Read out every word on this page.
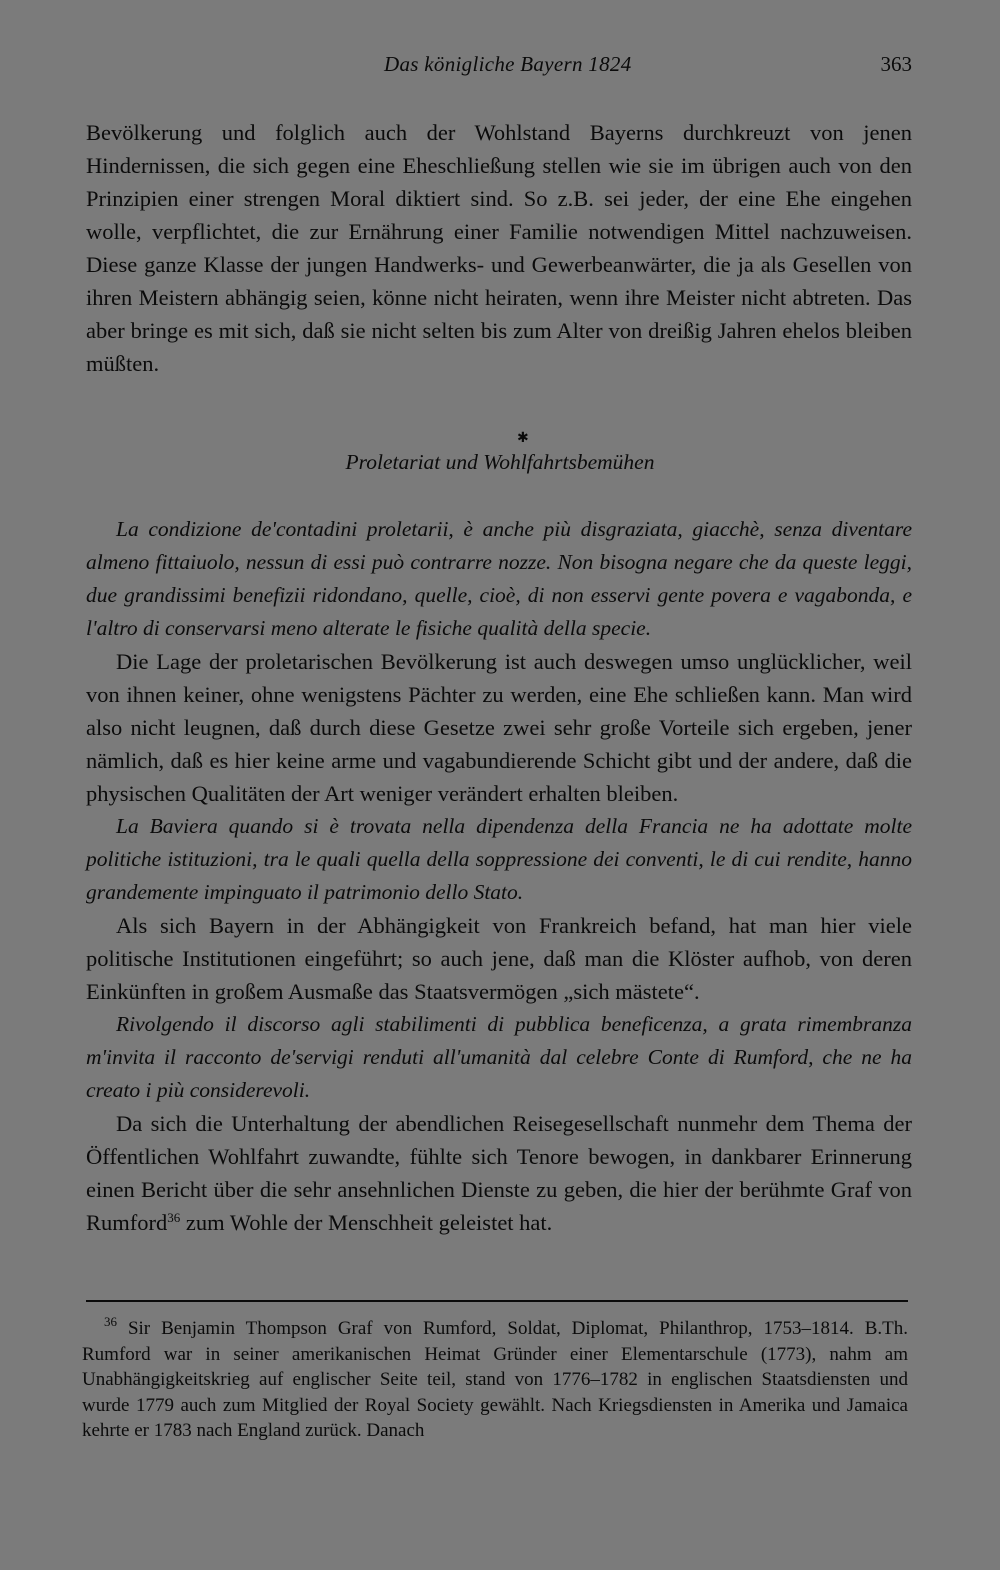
Das königliche Bayern 1824	363

Bevölkerung und folglich auch der Wohlstand Bayerns durchkreuzt von jenen Hindernissen, die sich gegen eine Eheschließung stellen wie sie im übrigen auch von den Prinzipien einer strengen Moral diktiert sind. So z.B. sei jeder, der eine Ehe eingehen wolle, verpflichtet, die zur Ernährung einer Familie notwendigen Mittel nachzuweisen. Diese ganze Klasse der jungen Handwerks- und Gewerbeanwärter, die ja als Gesellen von ihren Meistern abhängig seien, könne nicht heiraten, wenn ihre Meister nicht abtreten. Das aber bringe es mit sich, daß sie nicht selten bis zum Alter von dreißig Jahren ehelos bleiben müßten.

✱
Proletariat und Wohlfahrtsbemühen

La condizione de'contadini proletarii, è anche più disgraziata, giacchè, senza diventare almeno fittaiuolo, nessun di essi può contrarre nozze. Non bisogna negare che da queste leggi, due grandissimi benefizii ridondano, quelle, cioè, di non esservi gente povera e vagabonda, e l'altro di conservarsi meno alterate le fisiche qualità della specie.

Die Lage der proletarischen Bevölkerung ist auch deswegen umso unglücklicher, weil von ihnen keiner, ohne wenigstens Pächter zu werden, eine Ehe schließen kann. Man wird also nicht leugnen, daß durch diese Gesetze zwei sehr große Vorteile sich ergeben, jener nämlich, daß es hier keine arme und vagabundierende Schicht gibt und der andere, daß die physischen Qualitäten der Art weniger verändert erhalten bleiben.

La Baviera quando si è trovata nella dipendenza della Francia ne ha adottate molte politiche istituzioni, tra le quali quella della soppressione dei conventi, le di cui rendite, hanno grandemente impinguato il patrimonio dello Stato.

Als sich Bayern in der Abhängigkeit von Frankreich befand, hat man hier viele politische Institutionen eingeführt; so auch jene, daß man die Klöster aufhob, von deren Einkünften in großem Ausmaße das Staatsvermögen „sich mästete“.

Rivolgendo il discorso agli stabilimenti di pubblica beneficenza, a grata rimembranza m'invita il racconto de'servigi renduti all'umanità dal celebre Conte di Rumford, che ne ha creato i più considerevoli.

Da sich die Unterhaltung der abendlichen Reisegesellschaft nunmehr dem Thema der Öffentlichen Wohlfahrt zuwandte, fühlte sich Tenore bewogen, in dankbarer Erinnerung einen Bericht über die sehr ansehnlichen Dienste zu geben, die hier der berühmte Graf von Rumford$^{36}$ zum Wohle der Menschheit geleistet hat.

$^{36}$ Sir Benjamin Thompson Graf von Rumford, Soldat, Diplomat, Philanthrop, 1753–1814. B.Th. Rumford war in seiner amerikanischen Heimat Gründer einer Elementarschule (1773), nahm am Unabhängigkeitskrieg auf englischer Seite teil, stand von 1776–1782 in englischen Staatsdiensten und wurde 1779 auch zum Mitglied der Royal Society gewählt. Nach Kriegsdiensten in Amerika und Jamaica kehrte er 1783 nach England zurück. Danach
